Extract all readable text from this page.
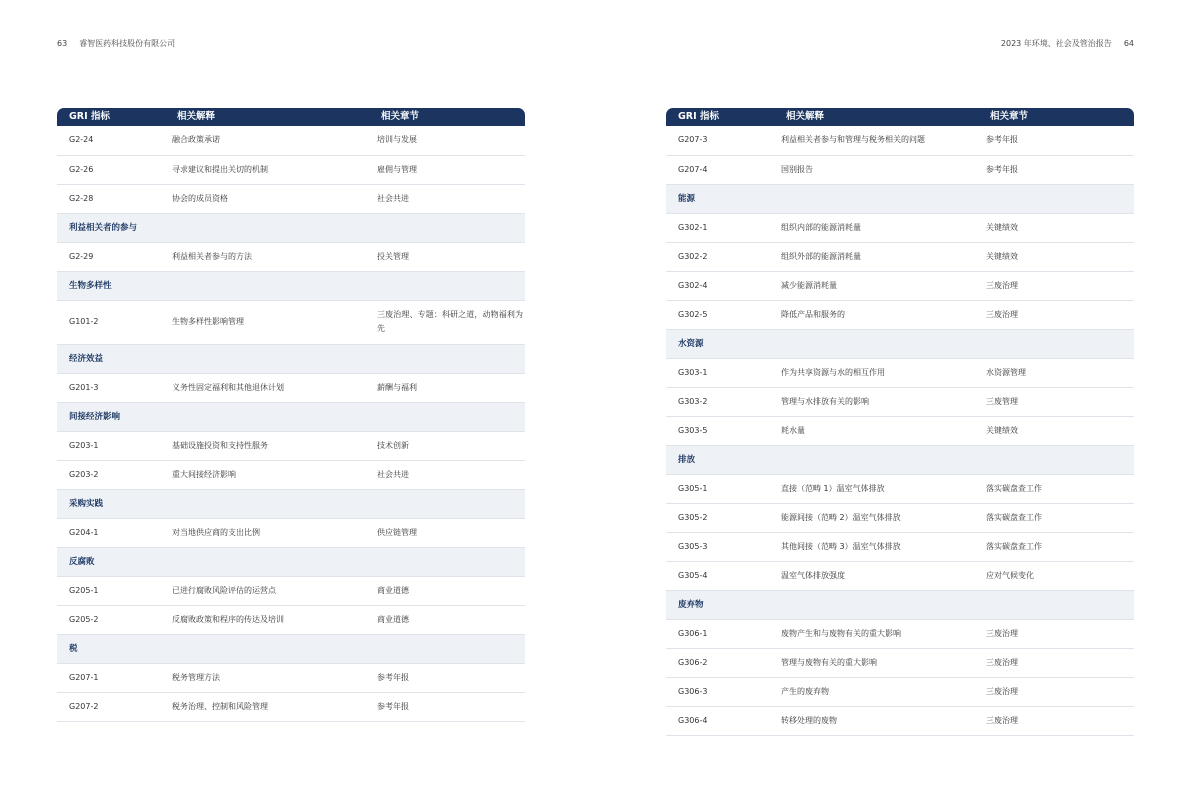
63 睿智医药科技股份有限公司	2023 年环境、社会及管治报告 64
GRI 指标	相关解释	相关章节
G2-24	融合政策承诺	培训与发展
G2-26	寻求建议和提出关切的机制	雇佣与管理
G2-28	协会的成员资格	社会共进
利益相关者的参与		
G2-29	利益相关者参与的方法	投关管理
生物多样性		
G101-2	生物多样性影响管理	三废治理、专题：科研之道，动物福利为先
经济效益		
G201-3	义务性固定福利和其他退休计划	薪酬与福利
间接经济影响		
G203-1	基础设施投资和支持性服务	技术创新
G203-2	重大间接经济影响	社会共进
采购实践		
G204-1	对当地供应商的支出比例	供应链管理
反腐败		
G205-1	已进行腐败风险评估的运营点	商业道德
G205-2	反腐败政策和程序的传达及培训	商业道德
税		
G207-1	税务管理方法	参考年报
G207-2	税务治理、控制和风险管理	参考年报
GRI 指标	相关解释	相关章节
G207-3	利益相关者参与和管理与税务相关的问题	参考年报
G207-4	国别报告	参考年报
能源		
G302-1	组织内部的能源消耗量	关键绩效
G302-2	组织外部的能源消耗量	关键绩效
G302-4	减少能源消耗量	三废治理
G302-5	降低产品和服务的	三废治理
水资源		
G303-1	作为共享资源与水的相互作用	水资源管理
G303-2	管理与水排放有关的影响	三废管理
G303-5	耗水量	关键绩效
排放		
G305-1	直接（范畴 1）温室气体排放	落实碳盘查工作
G305-2	能源间接（范畴 2）温室气体排放	落实碳盘查工作
G305-3	其他间接（范畴 3）温室气体排放	落实碳盘查工作
G305-4	温室气体排放强度	应对气候变化
废弃物		
G306-1	废物产生和与废物有关的重大影响	三废治理
G306-2	管理与废物有关的重大影响	三废治理
G306-3	产生的废弃物	三废治理
G306-4	转移处理的废物	三废治理
